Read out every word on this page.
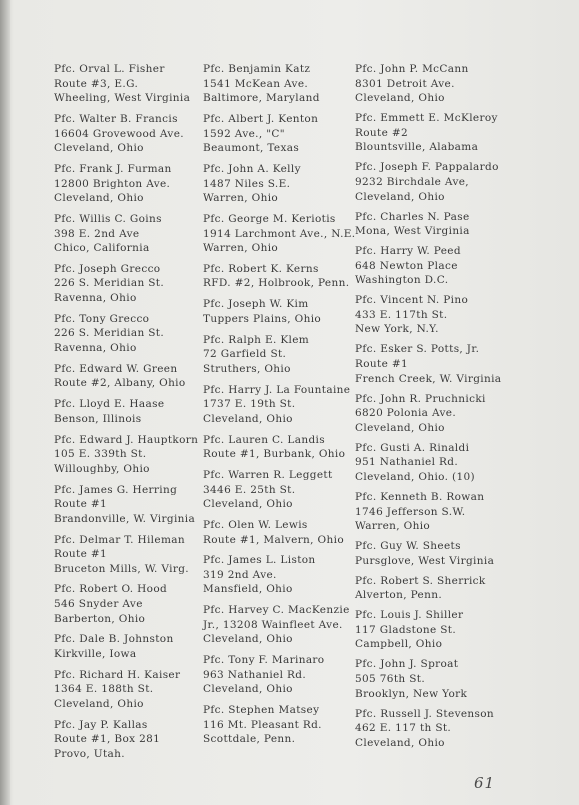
Pfc. Orval L. Fisher
Route #3, E.G.
Wheeling, West Virginia
Pfc. Walter B. Francis
16604 Grovewood Ave.
Cleveland, Ohio
Pfc. Frank J. Furman
12800 Brighton Ave.
Cleveland, Ohio
Pfc. Willis C. Goins
398 E. 2nd Ave
Chico, California
Pfc. Joseph Grecco
226 S. Meridian St.
Ravenna, Ohio
Pfc. Tony Grecco
226 S. Meridian St.
Ravenna, Ohio
Pfc. Edward W. Green
Route #2, Albany, Ohio
Pfc. Lloyd E. Haase
Benson, Illinois
Pfc. Edward J. Hauptkorn
105 E. 339th St.
Willoughby, Ohio
Pfc. James G. Herring
Route #1
Brandonville, W. Virginia
Pfc. Delmar T. Hileman
Route #1
Bruceton Mills, W. Virg.
Pfc. Robert O. Hood
546 Snyder Ave
Barberton, Ohio
Pfc. Dale B. Johnston
Kirkville, Iowa
Pfc. Richard H. Kaiser
1364 E. 188th St.
Cleveland, Ohio
Pfc. Jay P. Kallas
Route #1, Box 281
Provo, Utah.
Pfc. Benjamin Katz
1541 McKean Ave.
Baltimore, Maryland
Pfc. Albert J. Kenton
1592 Ave., "C"
Beaumont, Texas
Pfc. John A. Kelly
1487 Niles S.E.
Warren, Ohio
Pfc. George M. Keriotis
1914 Larchmont Ave., N.E.
Warren, Ohio
Pfc. Robert K. Kerns
RFD. #2, Holbrook, Penn.
Pfc. Joseph W. Kim
Tuppers Plains, Ohio
Pfc. Ralph E. Klem
72 Garfield St.
Struthers, Ohio
Pfc. Harry J. La Fountaine
1737 E. 19th St.
Cleveland, Ohio
Pfc. Lauren C. Landis
Route #1, Burbank, Ohio
Pfc. Warren R. Leggett
3446 E. 25th St.
Cleveland, Ohio
Pfc. Olen W. Lewis
Route #1, Malvern, Ohio
Pfc. James L. Liston
319 2nd Ave.
Mansfield, Ohio
Pfc. Harvey C. MacKenzie
Jr., 13208 Wainfleet Ave.
Cleveland, Ohio
Pfc. Tony F. Marinaro
963 Nathaniel Rd.
Cleveland, Ohio
Pfc. Stephen Matsey
116 Mt. Pleasant Rd.
Scottdale, Penn.
Pfc. John P. McCann
8301 Detroit Ave.
Cleveland, Ohio
Pfc. Emmett E. McKleroy
Route #2
Blountsville, Alabama
Pfc. Joseph F. Pappalardo
9232 Birchdale Ave,
Cleveland, Ohio
Pfc. Charles N. Pase
Mona, West Virginia
Pfc. Harry W. Peed
648 Newton Place
Washington D.C.
Pfc. Vincent N. Pino
433 E. 117th St.
New York, N.Y.
Pfc. Esker S. Potts, Jr.
Route #1
French Creek, W. Virginia
Pfc. John R. Pruchnicki
6820 Polonia Ave.
Cleveland, Ohio
Pfc. Gusti A. Rinaldi
951 Nathaniel Rd.
Cleveland, Ohio. (10)
Pfc. Kenneth B. Rowan
1746 Jefferson S.W.
Warren, Ohio
Pfc. Guy W. Sheets
Pursglove, West Virginia
Pfc. Robert S. Sherrick
Alverton, Penn.
Pfc. Louis J. Shiller
117 Gladstone St.
Campbell, Ohio
Pfc. John J. Sproat
505 76th St.
Brooklyn, New York
Pfc. Russell J. Stevenson
462 E. 117 th St.
Cleveland, Ohio
61
